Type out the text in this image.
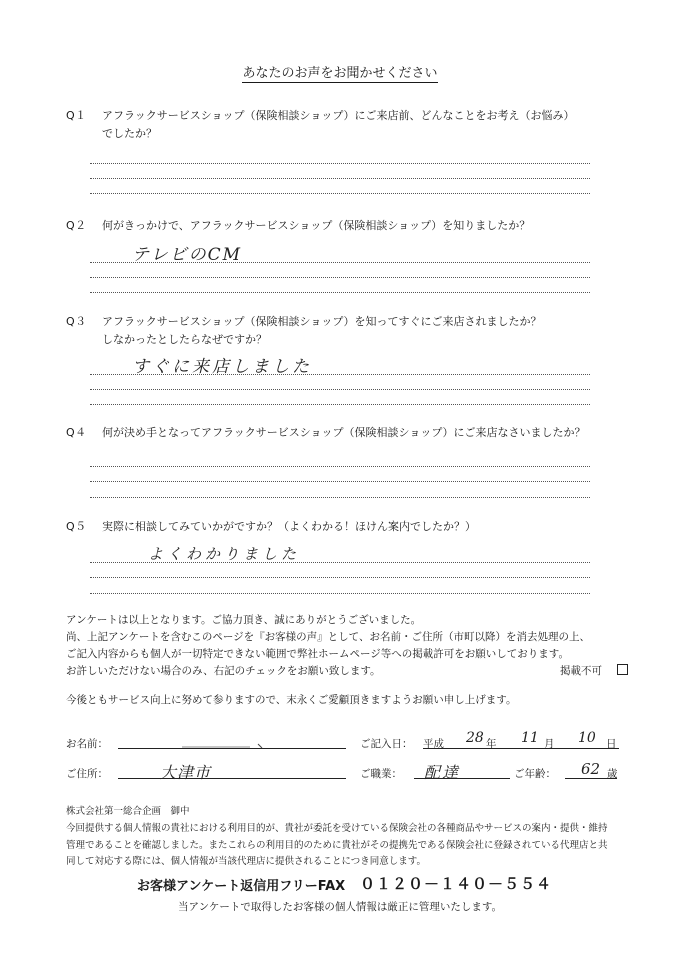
あなたのお声をお聞かせください
Q１ アフラックサービスショップ（保険相談ショップ）にご来店前、どんなことをお考え（お悩み）
でしたか？
Q２ 何がきっかけで、アフラックサービスショップ（保険相談ショップ）を知りましたか？
テレビのCM
Q３ アフラックサービスショップ（保険相談ショップ）を知ってすぐにご来店されましたか？
しなかったとしたらなぜですか？
すぐに来店しました
Q４ 何が決め手となってアフラックサービスショップ（保険相談ショップ）にご来店なさいましたか？
Q５ 実際に相談してみていかがですか？（よくわかる！ほけん案内でしたか？）
よくわかりました
アンケートは以上となります。ご協力頂き、誠にありがとうございました。
尚、上記アンケートを含むこのページを『お客様の声』として、お名前・ご住所（市町以降）を消去処理の上、
ご記入内容からも個人が一切特定できない範囲で弊社ホームページ等への掲載許可をお願いしております。
お許しいただけない場合のみ、右記のチェックをお願い致します。	掲載不可
今後ともサービス向上に努めて参りますので、末永くご愛顧頂きますようお願い申し上げます。
お名前：	ご記入日： 平成 28 年 11 月 10 日
ご住所：	大津市	ご職業： 配達	ご年齢： 62 歳
株式会社第一総合企画　御中
今回提供する個人情報の貴社における利用目的が、貴社が委託を受けている保険会社の各種商品やサービスの案内・提供・維持
管理であることを確認しました。またこれらの利用目的のために貴社がその提携先である保険会社に登録されている代理店と共
同して対応する際には、個人情報が当該代理店に提供されることにつき同意します。
お客様アンケート返信用フリーFAX ０１２０－１４０－５５４
当アンケートで取得したお客様の個人情報は厳正に管理いたします。
